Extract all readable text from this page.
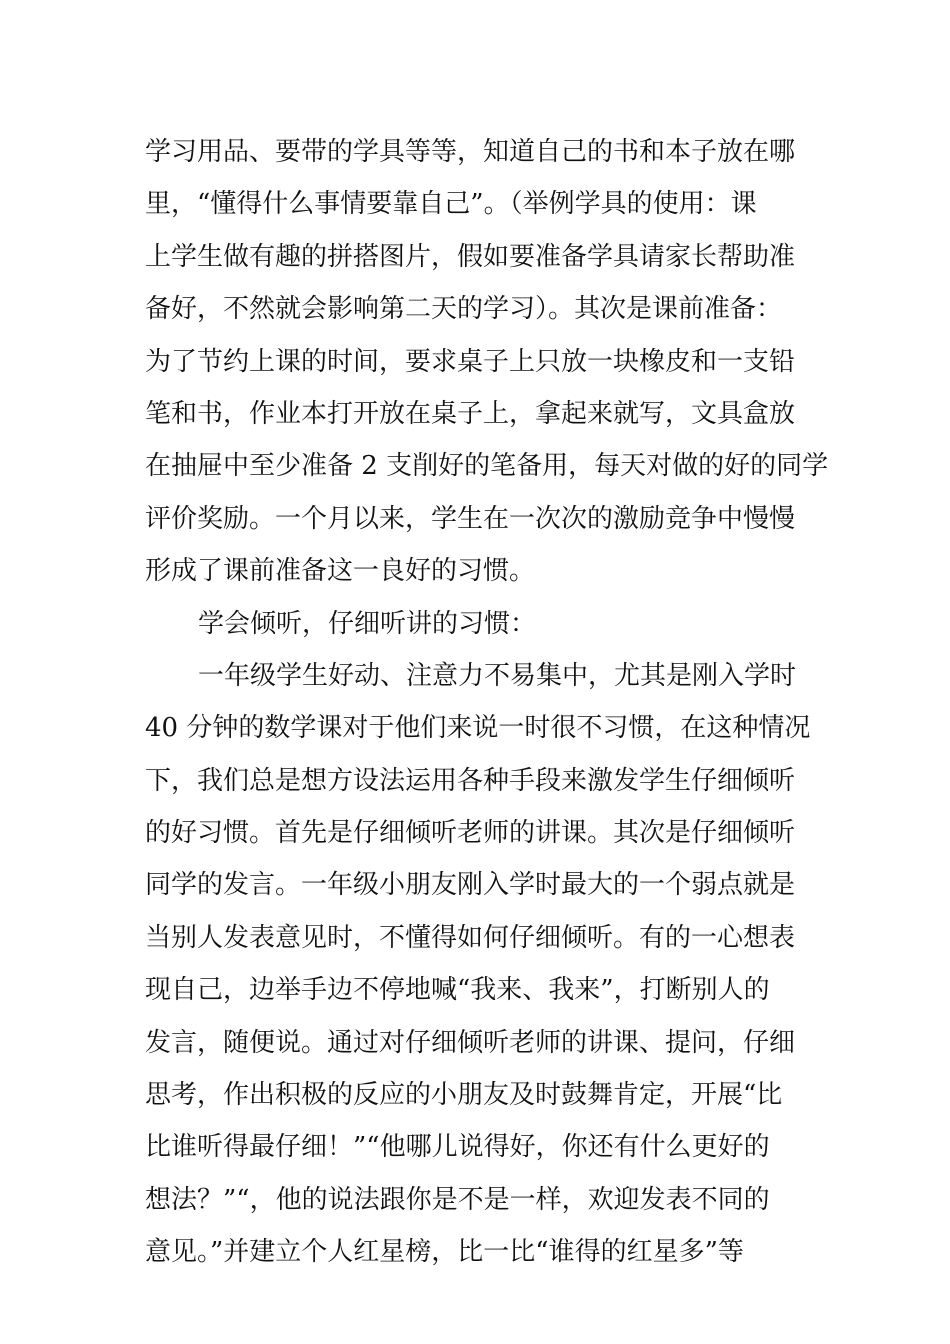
学习用品、要带的学具等等，知道自己的书和本子放在哪
里，“懂得什么事情要靠自己”。（举例学具的使用：课
上学生做有趣的拼搭图片，假如要准备学具请家长帮助准
备好，不然就会影响第二天的学习）。其次是课前准备：
为了节约上课的时间，要求桌子上只放一块橡皮和一支铅
笔和书，作业本打开放在桌子上，拿起来就写，文具盒放
在抽屉中至少准备 2 支削好的笔备用，每天对做的好的同学
评价奖励。一个月以来，学生在一次次的激励竞争中慢慢
形成了课前准备这一良好的习惯。
学会倾听，仔细听讲的习惯：
一年级学生好动、注意力不易集中，尤其是刚入学时
40 分钟的数学课对于他们来说一时很不习惯，在这种情况
下，我们总是想方设法运用各种手段来激发学生仔细倾听
的好习惯。首先是仔细倾听老师的讲课。其次是仔细倾听
同学的发言。一年级小朋友刚入学时最大的一个弱点就是
当别人发表意见时，不懂得如何仔细倾听。有的一心想表
现自己，边举手边不停地喊“我来、我来”，打断别人的
发言，随便说。通过对仔细倾听老师的讲课、提问，仔细
思考，作出积极的反应的小朋友及时鼓舞肯定，开展“比
比谁听得最仔细！”“他哪儿说得好，你还有什么更好的
想法？”“，他的说法跟你是不是一样，欢迎发表不同的
意见。”并建立个人红星榜，比一比“谁得的红星多”等
